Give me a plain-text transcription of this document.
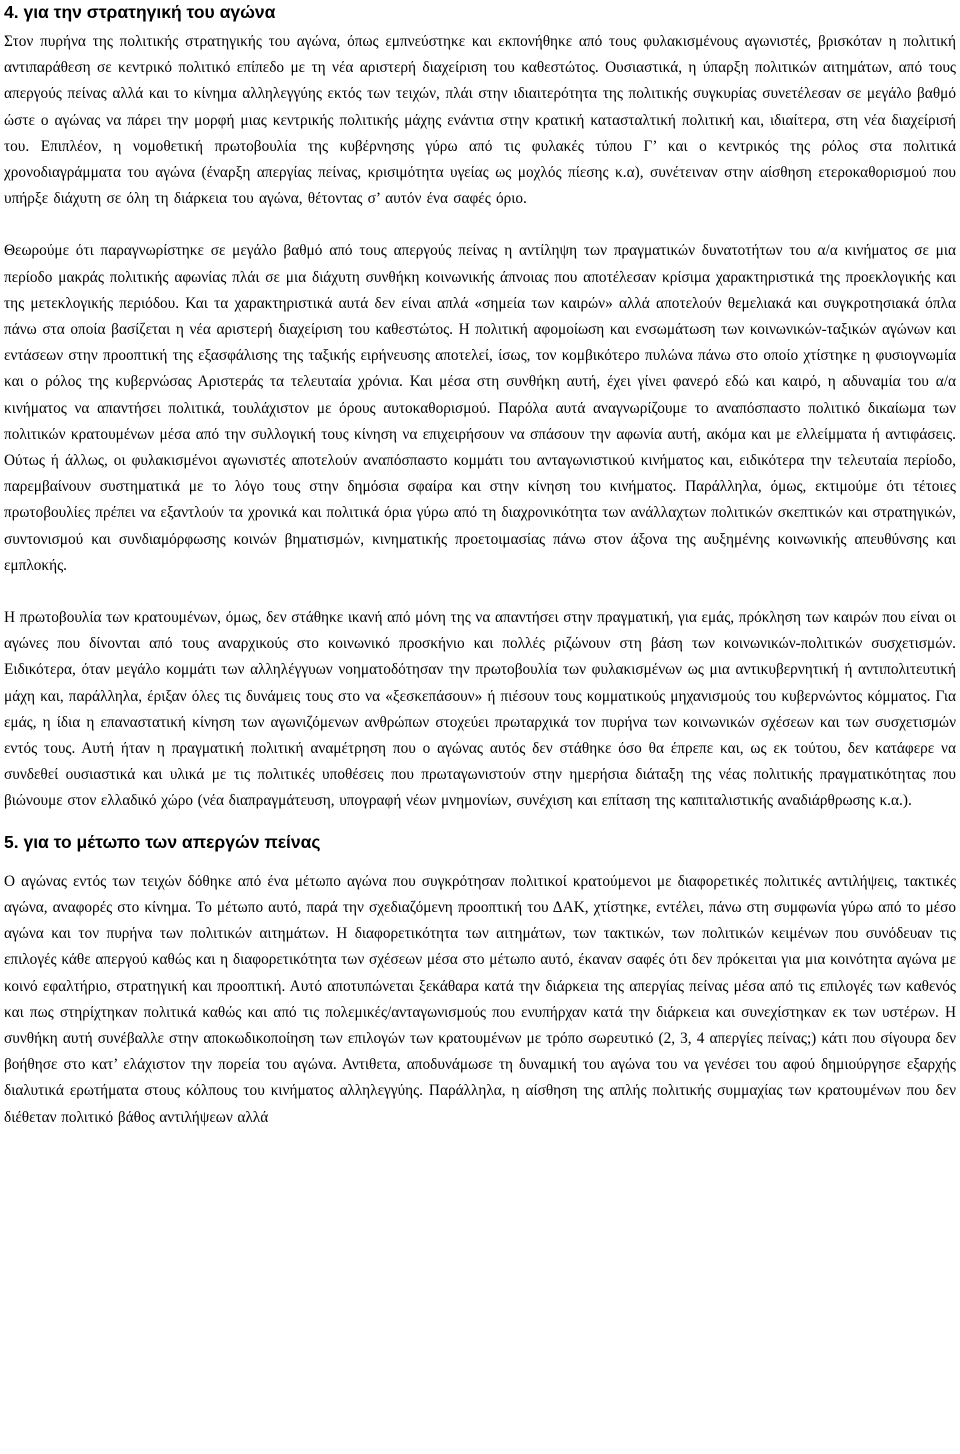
4. για την στρατηγική του αγώνα

Στον πυρήνα της πολιτικής στρατηγικής του αγώνα, όπως εμπνεύστηκε και εκπονήθηκε από τους φυλακισμένους αγωνιστές, βρισκόταν η πολιτική αντιπαράθεση σε κεντρικό πολιτικό επίπεδο με τη νέα αριστερή διαχείριση του καθεστώτος. Ουσιαστικά, η ύπαρξη πολιτικών αιτημάτων, από τους απεργούς πείνας αλλά και το κίνημα αλληλεγγύης εκτός των τειχών, πλάι στην ιδιαιτερότητα της πολιτικής συγκυρίας συνετέλεσαν σε μεγάλο βαθμό ώστε ο αγώνας να πάρει την μορφή μιας κεντρικής πολιτικής μάχης ενάντια στην κρατική κατασταλτική πολιτική και, ιδιαίτερα, στη νέα διαχείρισή του. Επιπλέον, η νομοθετική πρωτοβουλία της κυβέρνησης γύρω από τις φυλακές τύπου Γ’ και ο κεντρικός της ρόλος στα πολιτικά χρονοδιαγράμματα του αγώνα (έναρξη απεργίας πείνας, κρισιμότητα υγείας ως μοχλός πίεσης κ.α), συνέτειναν στην αίσθηση ετεροκαθορισμού που υπήρξε διάχυτη σε όλη τη διάρκεια του αγώνα, θέτοντας σ’ αυτόν ένα σαφές όριο.

Θεωρούμε ότι παραγνωρίστηκε σε μεγάλο βαθμό από τους απεργούς πείνας η αντίληψη των πραγματικών δυνατοτήτων του α/α κινήματος σε μια περίοδο μακράς πολιτικής αφωνίας πλάι σε μια διάχυτη συνθήκη κοινωνικής άπνοιας που αποτέλεσαν κρίσιμα χαρακτηριστικά της προεκλογικής και της μετεκλογικής περιόδου. Και τα χαρακτηριστικά αυτά δεν είναι απλά «σημεία των καιρών» αλλά αποτελούν θεμελιακά και συγκροτησιακά όπλα πάνω στα οποία βασίζεται η νέα αριστερή διαχείριση του καθεστώτος. Η πολιτική αφομοίωση και ενσωμάτωση των κοινωνικών-ταξικών αγώνων και εντάσεων στην προοπτική της εξασφάλισης της ταξικής ειρήνευσης αποτελεί, ίσως, τον κομβικότερο πυλώνα πάνω στο οποίο χτίστηκε η φυσιογνωμία και ο ρόλος της κυβερνώσας Αριστεράς τα τελευταία χρόνια. Και μέσα στη συνθήκη αυτή, έχει γίνει φανερό εδώ και καιρό, η αδυναμία του α/α κινήματος να απαντήσει πολιτικά, τουλάχιστον με όρους αυτοκαθορισμού. Παρόλα αυτά αναγνωρίζουμε το αναπόσπαστο πολιτικό δικαίωμα των πολιτικών κρατουμένων μέσα από την συλλογική τους κίνηση να επιχειρήσουν να σπάσουν την αφωνία αυτή, ακόμα και με ελλείμματα ή αντιφάσεις. Ούτως ή άλλως, οι φυλακισμένοι αγωνιστές αποτελούν αναπόσπαστο κομμάτι του ανταγωνιστικού κινήματος και, ειδικότερα την τελευταία περίοδο, παρεμβαίνουν συστηματικά με το λόγο τους στην δημόσια σφαίρα και στην κίνηση του κινήματος. Παράλληλα, όμως, εκτιμούμε ότι τέτοιες πρωτοβουλίες πρέπει να εξαντλούν τα χρονικά και πολιτικά όρια γύρω από τη διαχρονικότητα των ανάλλαχτων πολιτικών σκεπτικών και στρατηγικών, συντονισμού και συνδιαμόρφωσης κοινών βηματισμών, κινηματικής προετοιμασίας πάνω στον άξονα της αυξημένης κοινωνικής απευθύνσης και εμπλοκής.

Η πρωτοβουλία των κρατουμένων, όμως, δεν στάθηκε ικανή από μόνη της να απαντήσει στην πραγματική, για εμάς, πρόκληση των καιρών που είναι οι αγώνες που δίνονται από τους αναρχικούς στο κοινωνικό προσκήνιο και πολλές ριζώνουν στη βάση των κοινωνικών-πολιτικών συσχετισμών. Ειδικότερα, όταν μεγάλο κομμάτι των αλληλέγγυων νοηματοδότησαν την πρωτοβουλία των φυλακισμένων ως μια αντικυβερνητική ή αντιπολιτευτική μάχη και, παράλληλα, έριξαν όλες τις δυνάμεις τους στο να «ξεσκεπάσουν» ή πιέσουν τους κομματικούς μηχανισμούς του κυβερνώντος κόμματος. Για εμάς, η ίδια η επαναστατική κίνηση των αγωνιζόμενων ανθρώπων στοχεύει πρωταρχικά τον πυρήνα των κοινωνικών σχέσεων και των συσχετισμών εντός τους. Αυτή ήταν η πραγματική πολιτική αναμέτρηση που ο αγώνας αυτός δεν στάθηκε όσο θα έπρεπε και, ως εκ τούτου, δεν κατάφερε να συνδεθεί ουσιαστικά και υλικά με τις πολιτικές υποθέσεις που πρωταγωνιστούν στην ημερήσια διάταξη της νέας πολιτικής πραγματικότητας που βιώνουμε στον ελλαδικό χώρο (νέα διαπραγμάτευση, υπογραφή νέων μνημονίων, συνέχιση και επίταση της καπιταλιστικής αναδιάρθρωσης κ.α.).

5. για το μέτωπο των απεργών πείνας

Ο αγώνας εντός των τειχών δόθηκε από ένα μέτωπο αγώνα που συγκρότησαν πολιτικοί κρατούμενοι με διαφορετικές πολιτικές αντιλήψεις, τακτικές αγώνα, αναφορές στο κίνημα. Το μέτωπο αυτό, παρά την σχεδιαζόμενη προοπτική του ΔΑΚ, χτίστηκε, εντέλει, πάνω στη συμφωνία γύρω από το μέσο αγώνα και τον πυρήνα των πολιτικών αιτημάτων. Η διαφορετικότητα των αιτημάτων, των τακτικών, των πολιτικών κειμένων που συνόδευαν τις επιλογές κάθε απεργού καθώς και η διαφορετικότητα των σχέσεων μέσα στο μέτωπο αυτό, έκαναν σαφές ότι δεν πρόκειται για μια κοινότητα αγώνα με κοινό εφαλτήριο, στρατηγική και προοπτική. Αυτό αποτυπώνεται ξεκάθαρα κατά την διάρκεια της απεργίας πείνας μέσα από τις επιλογές των καθενός και πως στηρίχτηκαν πολιτικά καθώς και από τις πολεμικές/ανταγωνισμούς που ενυπήρχαν κατά την διάρκεια και συνεχίστηκαν εκ των υστέρων. Η συνθήκη αυτή συνέβαλλε στην αποκωδικοποίηση των επιλογών των κρατουμένων με τρόπο σωρευτικό (2, 3, 4 απεργίες πείνας;) κάτι που σίγουρα δεν βοήθησε στο κατ’ ελάχιστον την πορεία του αγώνα. Αντιθετα, αποδυνάμωσε τη δυναμική του αγώνα του να γενέσει του αφού δημιούργησε εξαρχής διαλυτικά ερωτήματα στους κόλπους του κινήματος αλληλεγγύης. Παράλληλα, η αίσθηση της απλής πολιτικής συμμαχίας των κρατουμένων που δεν διέθεταν πολιτικό βάθος αντιλήψεων αλλά
